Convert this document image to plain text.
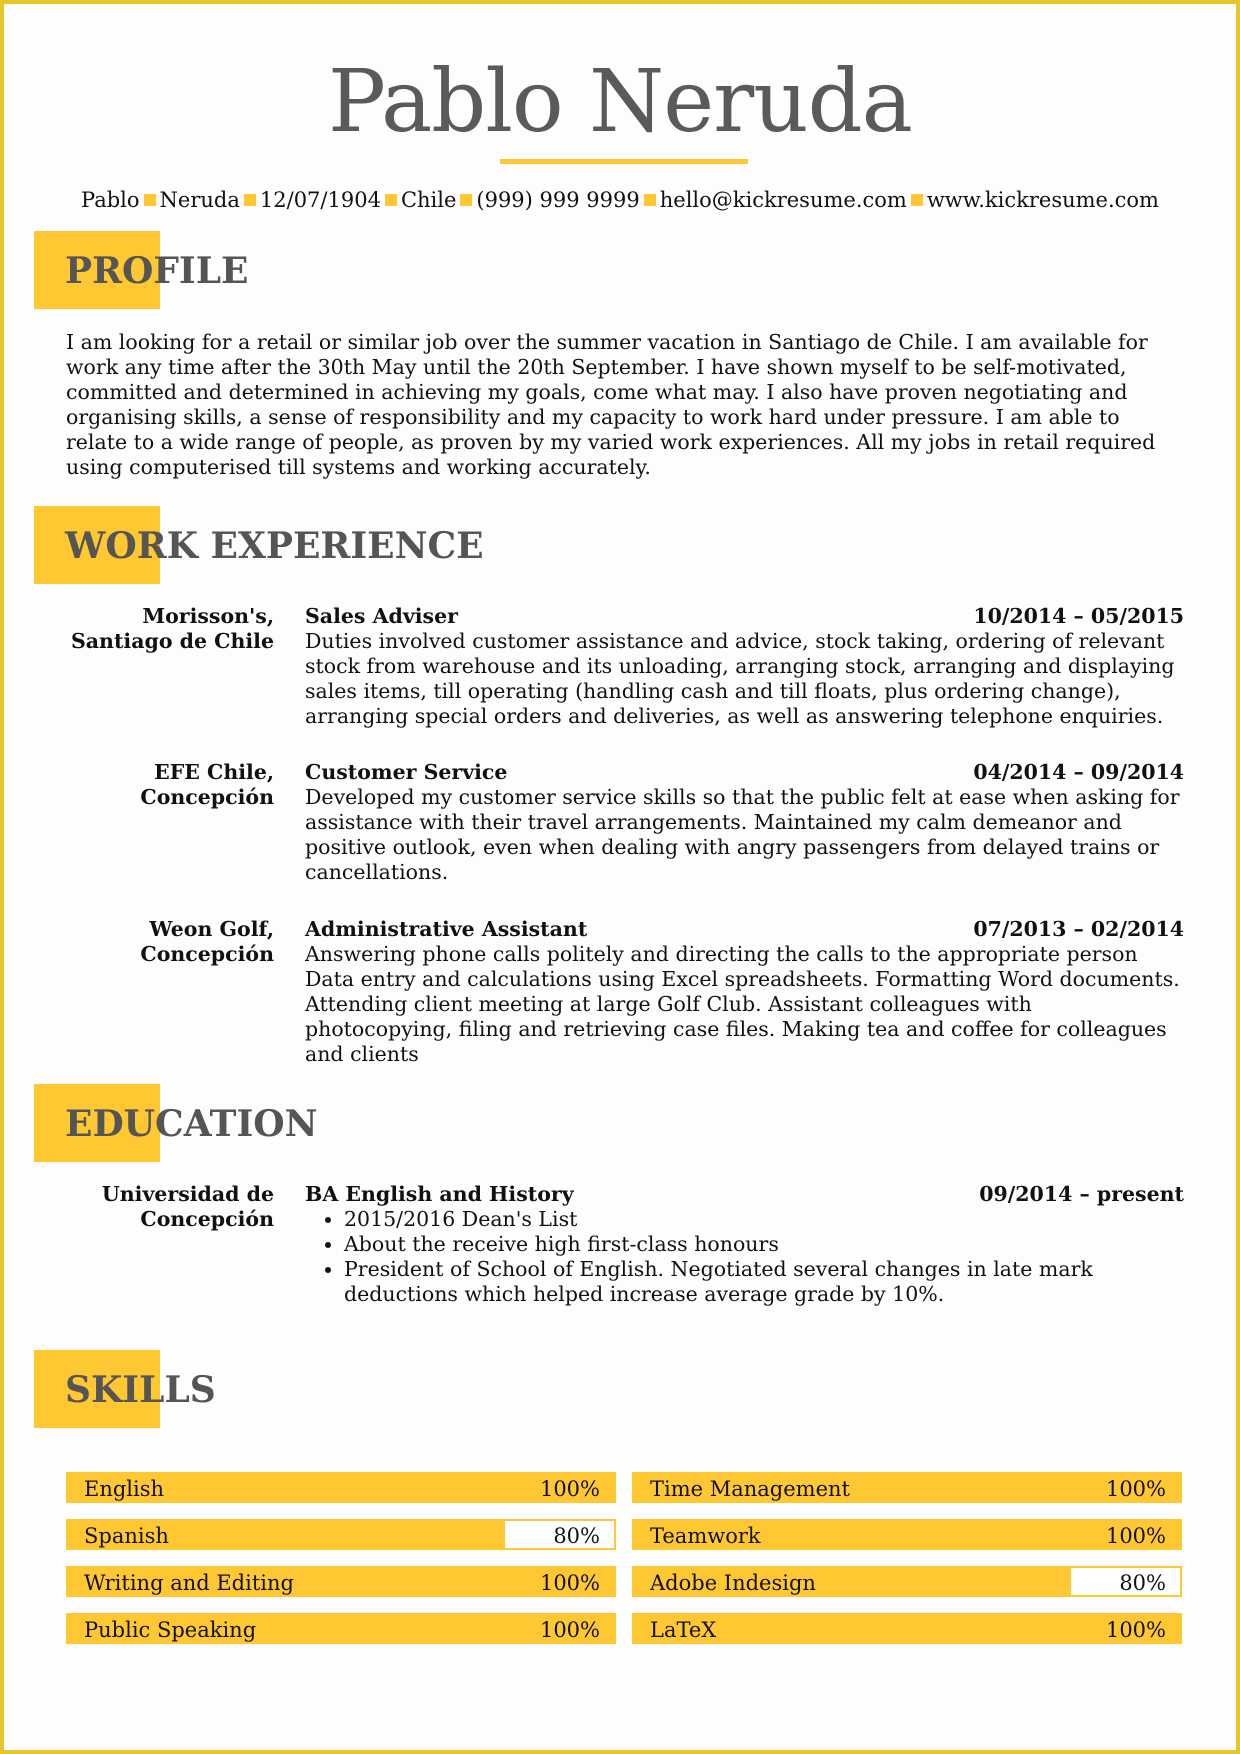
Pablo Neruda
Pablo Neruda 12/07/1904 Chile (999) 999 9999 hello@kickresume.com www.kickresume.com
PROFILE
I am looking for a retail or similar job over the summer vacation in Santiago de Chile. I am available for work any time after the 30th May until the 20th September. I have shown myself to be self-motivated, committed and determined in achieving my goals, come what may. I also have proven negotiating and organising skills, a sense of responsibility and my capacity to work hard under pressure. I am able to relate to a wide range of people, as proven by my varied work experiences. All my jobs in retail required using computerised till systems and working accurately.
WORK EXPERIENCE
Morisson's,
Santiago de Chile
Sales Adviser	10/2014 – 05/2015
Duties involved customer assistance and advice, stock taking, ordering of relevant stock from warehouse and its unloading, arranging stock, arranging and displaying sales items, till operating (handling cash and till floats, plus ordering change), arranging special orders and deliveries, as well as answering telephone enquiries.
EFE Chile,
Concepción
Customer Service	04/2014 – 09/2014
Developed my customer service skills so that the public felt at ease when asking for assistance with their travel arrangements. Maintained my calm demeanor and positive outlook, even when dealing with angry passengers from delayed trains or cancellations.
Weon Golf,
Concepción
Administrative Assistant	07/2013 – 02/2014
Answering phone calls politely and directing the calls to the appropriate person Data entry and calculations using Excel spreadsheets. Formatting Word documents. Attending client meeting at large Golf Club. Assistant colleagues with photocopying, filing and retrieving case files. Making tea and coffee for colleagues and clients
EDUCATION
Universidad de
Concepción
BA English and History	09/2014 – present
• 2015/2016 Dean's List
• About the receive high first-class honours
• President of School of English. Negotiated several changes in late mark deductions which helped increase average grade by 10%.
SKILLS
English	100% Time Management	100%
Spanish	80% Teamwork	100%
Writing and Editing	100% Adobe Indesign	80%
Public Speaking	100% LaTeX	100%
